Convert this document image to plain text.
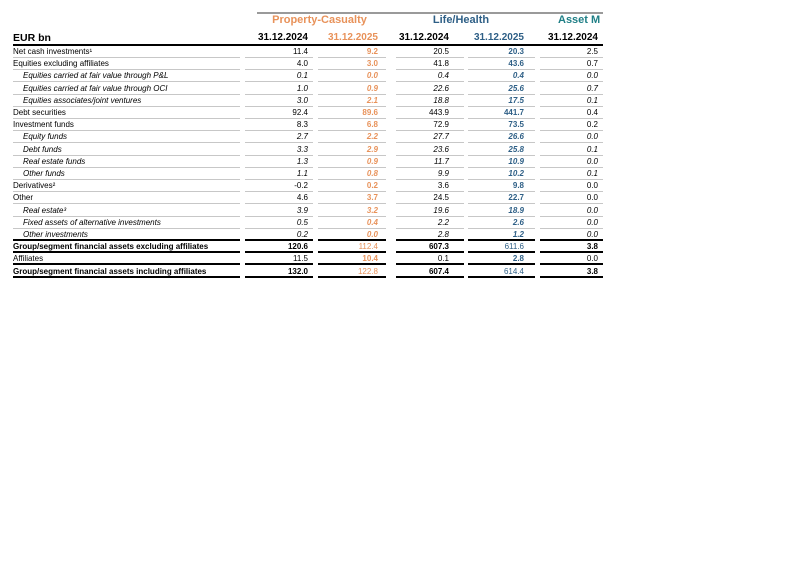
Property-Casualty	Life/Health	Asset M
EUR bn	31.12.2024	31.12.2025	31.12.2024	31.12.2025	31.12.2024
Net cash investments¹	11.4	9.2	20.5	20.3	2.5
Equities excluding affiliates	4.0	3.0	41.8	43.6	0.7
Equities carried at fair value through P&L	0.1	0.0	0.4	0.4	0.0
Equities carried at fair value through OCI	1.0	0.9	22.6	25.6	0.7
Equities associates/joint ventures	3.0	2.1	18.8	17.5	0.1
Debt securities	92.4	89.6	443.9	441.7	0.4
Investment funds	8.3	6.8	72.9	73.5	0.2
Equity funds	2.7	2.2	27.7	26.6	0.0
Debt funds	3.3	2.9	23.6	25.8	0.1
Real estate funds	1.3	0.9	11.7	10.9	0.0
Other funds	1.1	0.8	9.9	10.2	0.1
Derivatives²	-0.2	0.2	3.6	9.8	0.0
Other	4.6	3.7	24.5	22.7	0.0
Real estate³	3.9	3.2	19.6	18.9	0.0
Fixed assets of alternative investments	0.5	0.4	2.2	2.6	0.0
Other investments	0.2	0.0	2.8	1.2	0.0
Group/segment financial assets excluding affiliates	120.6	112.4	607.3	611.6	3.8
Affiliates	11.5	10.4	0.1	2.8	0.0
Group/segment financial assets including affiliates	132.0	122.8	607.4	614.4	3.8
